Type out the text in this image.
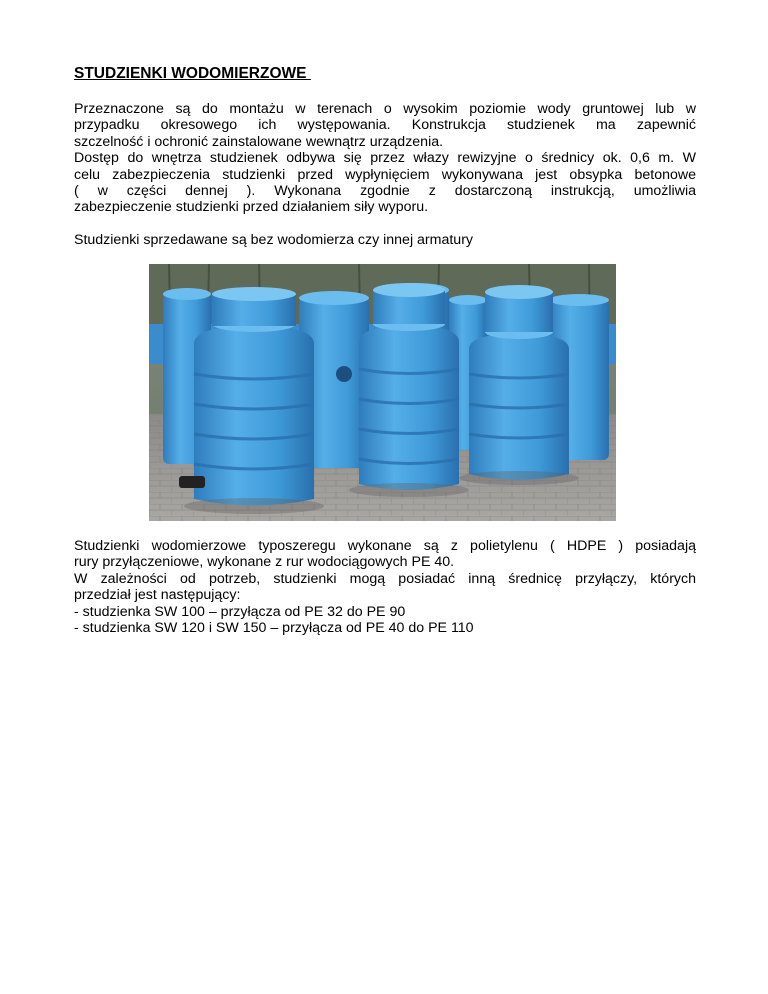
STUDZIENKI WODOMIERZOWE
Przeznaczone są do montażu w terenach o wysokim poziomie wody gruntowej lub w
przypadku okresowego ich występowania. Konstrukcja studzienek ma zapewnić
szczelność i ochronić zainstalowane wewnątrz urządzenia.
Dostęp do wnętrza studzienek odbywa się przez włazy rewizyjne o średnicy ok. 0,6 m. W
celu zabezpieczenia studzienki przed wypłynięciem wykonywana jest obsypka betonowe
( w części dennej ). Wykonana zgodnie z dostarczoną instrukcją, umożliwia
zabezpieczenie studzienki przed działaniem siły wyporu.
Studzienki sprzedawane są bez wodomierza czy innej armatury
Studzienki wodomierzowe typoszeregu wykonane są z polietylenu ( HDPE ) posiadają
rury przyłączeniowe, wykonane z rur wodociągowych PE 40.
W zależności od potrzeb, studzienki mogą posiadać inną średnicę przyłączy, których
przedział jest następujący:
- studzienka SW 100 – przyłącza od PE 32 do PE 90
- studzienka SW 120 i SW 150 – przyłącza od PE 40 do PE 110
